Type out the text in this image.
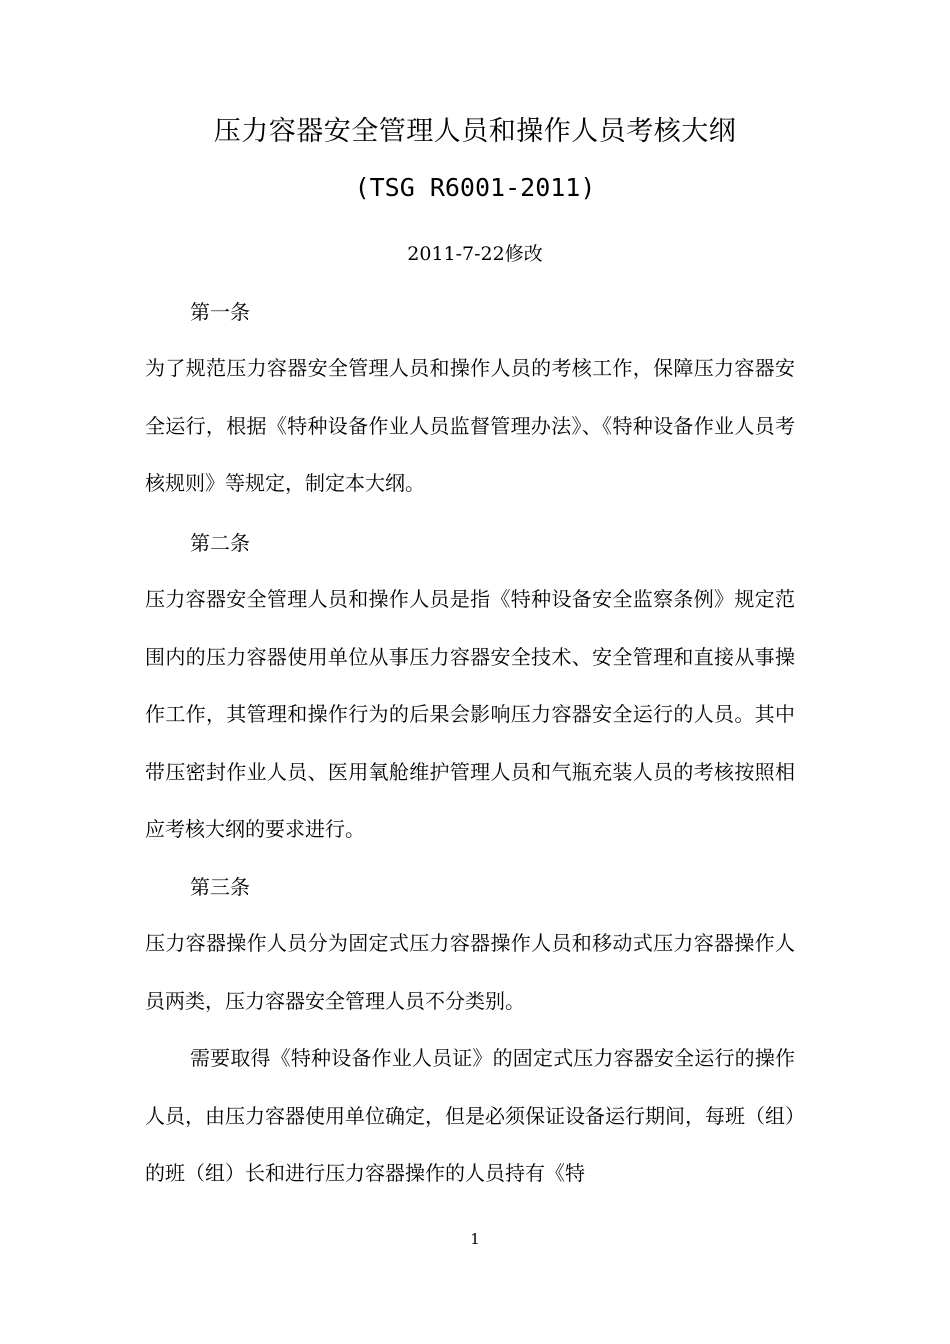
压力容器安全管理人员和操作人员考核大纲
(TSG R6001-2011)
2011-7-22修改
第一条

为了规范压力容器安全管理人员和操作人员的考核工作，保障压力容器安全运行，根据《特种设备作业人员监督管理办法》、《特种设备作业人员考核规则》等规定，制定本大纲。

第二条

压力容器安全管理人员和操作人员是指《特种设备安全监察条例》规定范围内的压力容器使用单位从事压力容器安全技术、安全管理和直接从事操作工作，其管理和操作行为的后果会影响压力容器安全运行的人员。其中带压密封作业人员、医用氧舱维护管理人员和气瓶充装人员的考核按照相应考核大纲的要求进行。

第三条

压力容器操作人员分为固定式压力容器操作人员和移动式压力容器操作人员两类，压力容器安全管理人员不分类别。

需要取得《特种设备作业人员证》的固定式压力容器安全运行的操作人员，由压力容器使用单位确定，但是必须保证设备运行期间，每班（组）的班（组）长和进行压力容器操作的人员持有《特

1
